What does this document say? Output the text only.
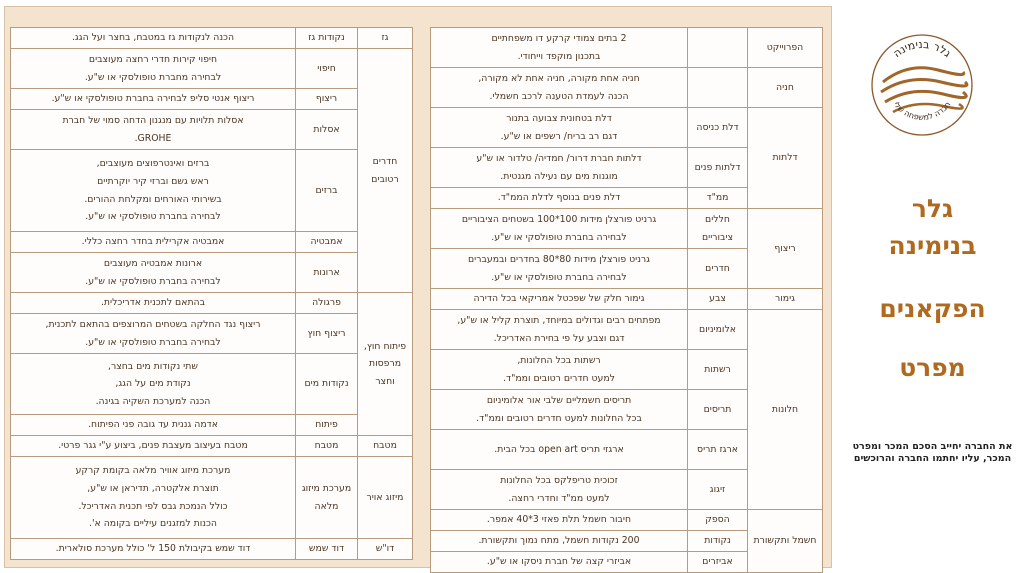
גז	נקודות גז	הכנה לנקודות גז במטבח, בחצר ועל הגג.
חדרים רטובים	חיפוי	חיפוי קירות חדרי רחצה מעוצבים
לבחירה מחברת טופולסקי או ש"ע.

	ריצוף	ריצוף אנטי סליפ לבחירה בחברת טופולסקי או ש"ע.

	אסלות	אסלות תלויות עם מנגנון הדחה סמוי של חברת
GROHE.

	ברזים	ברזים ואינטרפוצים מעוצבים,
ראש גשם וברזי קיר יוקרתיים
בשירותי האורחים ומקלחת ההורים.
לבחירה בחברת טופולסקי או ש"ע.

	אמבטיה	אמבטיה אקרילית בחדר רחצה כללי.

	ארונות	ארונות אמבטיה מעוצבים
לבחירה בחברת טופולסקי או ש"ע.

פיתוח חוץ, מרפסות וחצר	פרגולה	בהתאם לתכנית אדריכלית.

	ריצוף חוץ	ריצוף נגד החלקה בשטחים המרוצפים בהתאם לתכנית,
לבחירה בחברת טופולסקי או ש"ע.

	נקודות מים	שתי נקודות מים בחצר,
נקודת מים על הגג,
הכנה למערכת השקיה בגינה.

	פיתוח	אדמה גננית עד גובה פני הפיתוח.

מטבח	מטבח	מטבח בעיצוב מעצבת פנים, ביצוע ע"י גגר פרטי.
מיזוג אויר	מערכת מיזוג מלאה	מערכת מיזוג אוויר מלאה בקומת קרקע
תוצרת אלקטרה, תדיראן או ש"ע,
כולל הנמכת גבס לפי תכנית האדריכל.
הכנות למזגנים עיליים בקומה א'.

דו"ש	דוד שמש	דוד שמש בקיבולת 150 ל' כולל מערכת סולארית.
הפרוייקט		2 בתים צמודי קרקע דו משפחתיים
בתכנון מוקפד וייחודי.

חניה		חניה אחת מקורה, חניה אחת לא מקורה,
הכנה לעמדת הטענה לרכב חשמלי.

דלתות	דלת כניסה	דלת בטחונית צבועה בתנור
דגם רב בריח/ רשפים או ש"ע.

	דלתות פנים	דלתות חברת דרור/ חמדיה/ טלדור או ש"ע
מוגנות מים עם נעילה מגנטית.

	ממ"ד	דלת פנים בנוסף לדלת הממ"ד.

ריצוף	חללים ציבוריים	גרניט פורצלן מידות 100*100 בשטחים הציבוריים
לבחירה בחברת טופולסקי או ש"ע.

	חדרים	גרניט פורצלן מידות 80*80 בחדרים ובמעברים
לבחירה בחברת טופולסקי או ש"ע.

גימור	צבע	גימור חלק של שפכטל אמריקאי בכל הדירה
חלונות	אלומיניום	מפתחים רבים וגדולים במיוחד, תוצרת קליל או ש"ע,
דגם וצבע על פי בחירת האדריכל.

	רשתות	רשתות בכל החלונות,
למעט חדרים רטובים וממ"ד.

	תריסים	תריסים חשמליים שלבי אור אלומיניום
בכל החלונות למעט חדרים רטובים וממ"ד.

	ארגז תריס	ארגזי תריס open art בכל הבית.

	זיגוג	זכוכית טריפלקס בכל החלונות
למעט ממ"ד וחדרי רחצה.

חשמל ותקשורת	הספק	חיבור חשמל תלת פאזי 3*40 אמפר.

	נקודות	200 נקודות חשמל, מתח נמוך ותקשורת.

	אביזרים	אביזרי קצה של חברת ניסקו או ש"ע.
גלר בנימינה
חברה למשפחה שלי
גלר
בנימינה
הפקאנים
מפרט
את החברה יחייב הסכם המכר ומפרט המכר, עליו יחתמו החברה והרוכשים
